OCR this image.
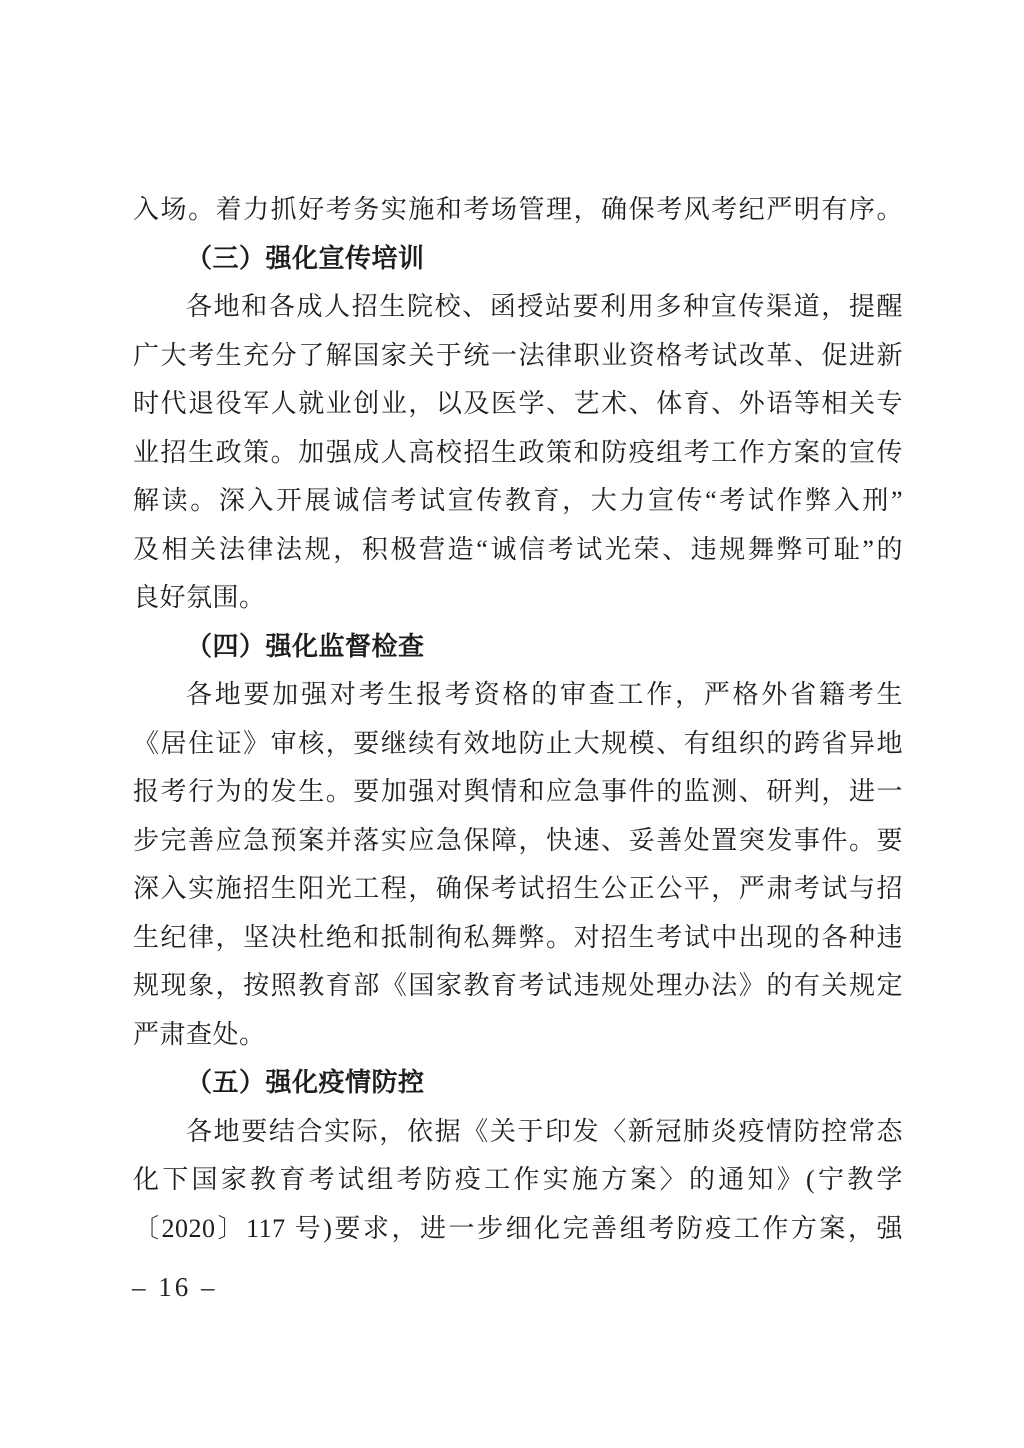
入场。着力抓好考务实施和考场管理，确保考风考纪严明有序。
（三）强化宣传培训
各地和各成人招生院校、函授站要利用多种宣传渠道，提醒
广大考生充分了解国家关于统一法律职业资格考试改革、促进新
时代退役军人就业创业，以及医学、艺术、体育、外语等相关专
业招生政策。加强成人高校招生政策和防疫组考工作方案的宣传
解读。深入开展诚信考试宣传教育，大力宣传“考试作弊入刑”
及相关法律法规，积极营造“诚信考试光荣、违规舞弊可耻”的
良好氛围。
（四）强化监督检查
各地要加强对考生报考资格的审查工作，严格外省籍考生
《居住证》审核，要继续有效地防止大规模、有组织的跨省异地
报考行为的发生。要加强对舆情和应急事件的监测、研判，进一
步完善应急预案并落实应急保障，快速、妥善处置突发事件。要
深入实施招生阳光工程，确保考试招生公正公平，严肃考试与招
生纪律，坚决杜绝和抵制徇私舞弊。对招生考试中出现的各种违
规现象，按照教育部《国家教育考试违规处理办法》的有关规定
严肃查处。
（五）强化疫情防控
各地要结合实际，依据《关于印发〈新冠肺炎疫情防控常态
化下国家教育考试组考防疫工作实施方案〉的通知》(宁教学
〔2020〕117 号)要求，进一步细化完善组考防疫工作方案，强
– 16 –
